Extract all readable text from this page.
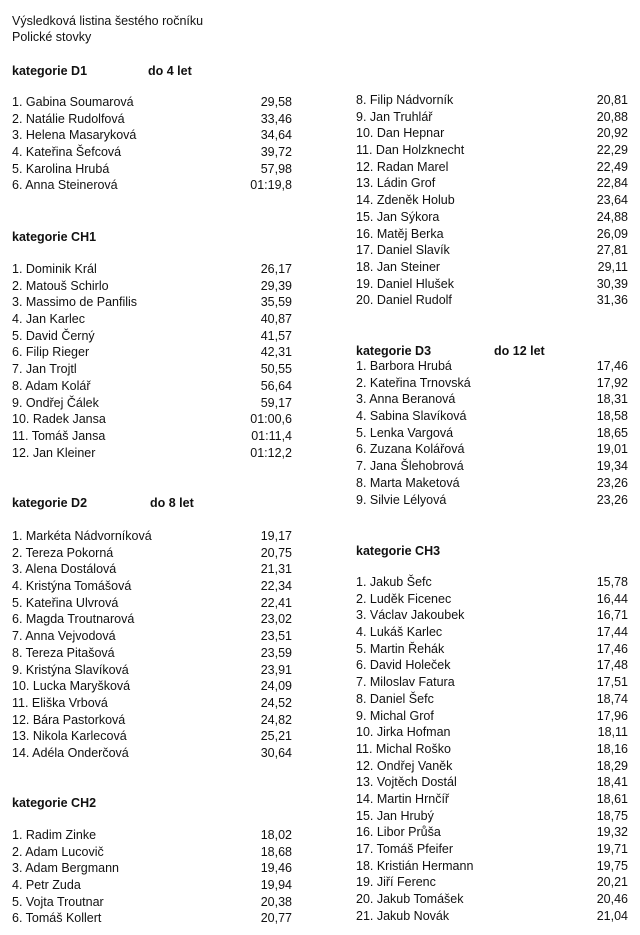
Výsledková listina šestého ročníku
Polické stovky
kategorie D1	do 4 let
1. Gabina Soumarová	29,58
2. Natálie Rudolfová	33,46
3. Helena Masaryková	34,64
4. Kateřina Šefcová	39,72
5. Karolina Hrubá	57,98
6. Anna Steinerová	01:19,8
kategorie CH1
1. Dominik Král	26,17
2. Matouš Schirlo	29,39
3. Massimo de Panfilis	35,59
4. Jan Karlec	40,87
5. David Černý	41,57
6. Filip Rieger	42,31
7. Jan Trojtl	50,55
8. Adam Kolář	56,64
9. Ondřej Čálek	59,17
10. Radek Jansa	01:00,6
11. Tomáš Jansa	01:11,4
12. Jan Kleiner	01:12,2
kategorie D2	do 8 let
1. Markéta Nádvorníková	19,17
2. Tereza Pokorná	20,75
3. Alena Dostálová	21,31
4. Kristýna Tomášová	22,34
5. Kateřina Ulvrová	22,41
6. Magda Troutnarová	23,02
7. Anna Vejvodová	23,51
8. Tereza Pitašová	23,59
9. Kristýna Slavíková	23,91
10. Lucka Maryšková	24,09
11. Eliška Vrbová	24,52
12. Bára Pastorková	24,82
13. Nikola Karlecová	25,21
14. Adéla Onderčová	30,64
kategorie CH2
1. Radim Zinke	18,02
2. Adam Lucovič	18,68
3. Adam Bergmann	19,46
4. Petr Zuda	19,94
5. Vojta Troutnar	20,38
6. Tomáš Kollert	20,77
8. Filip Nádvorník	20,81
9. Jan Truhlář	20,88
10. Dan Hepnar	20,92
11. Dan Holzknecht	22,29
12. Radan Marel	22,49
13. Ládin Grof	22,84
14. Zdeněk Holub	23,64
15. Jan Sýkora	24,88
16. Matěj Berka	26,09
17. Daniel Slavík	27,81
18. Jan Steiner	29,11
19. Daniel Hlušek	30,39
20. Daniel Rudolf	31,36
kategorie D3	do 12 let
1. Barbora Hrubá	17,46
2. Kateřina Trnovská	17,92
3. Anna Beranová	18,31
4. Sabina Slavíková	18,58
5. Lenka Vargová	18,65
6. Zuzana Kolářová	19,01
7. Jana Šlehobrová	19,34
8. Marta Maketová	23,26
9. Silvie Lélyová	23,26
kategorie CH3
1. Jakub Šefc	15,78
2. Luděk Ficenec	16,44
3. Václav Jakoubek	16,71
4. Lukáš Karlec	17,44
5. Martin Řehák	17,46
6. David Holeček	17,48
7. Miloslav Fatura	17,51
8. Daniel Šefc	18,74
9. Michal Grof	17,96
10. Jirka Hofman	18,11
11. Michal Roško	18,16
12. Ondřej Vaněk	18,29
13. Vojtěch Dostál	18,41
14. Martin Hrnčíř	18,61
15. Jan Hrubý	18,75
16. Libor Průša	19,32
17. Tomáš Pfeifer	19,71
18. Kristián Hermann	19,75
19. Jiří Ferenc	20,21
20. Jakub Tomášek	20,46
21. Jakub Novák	21,04
